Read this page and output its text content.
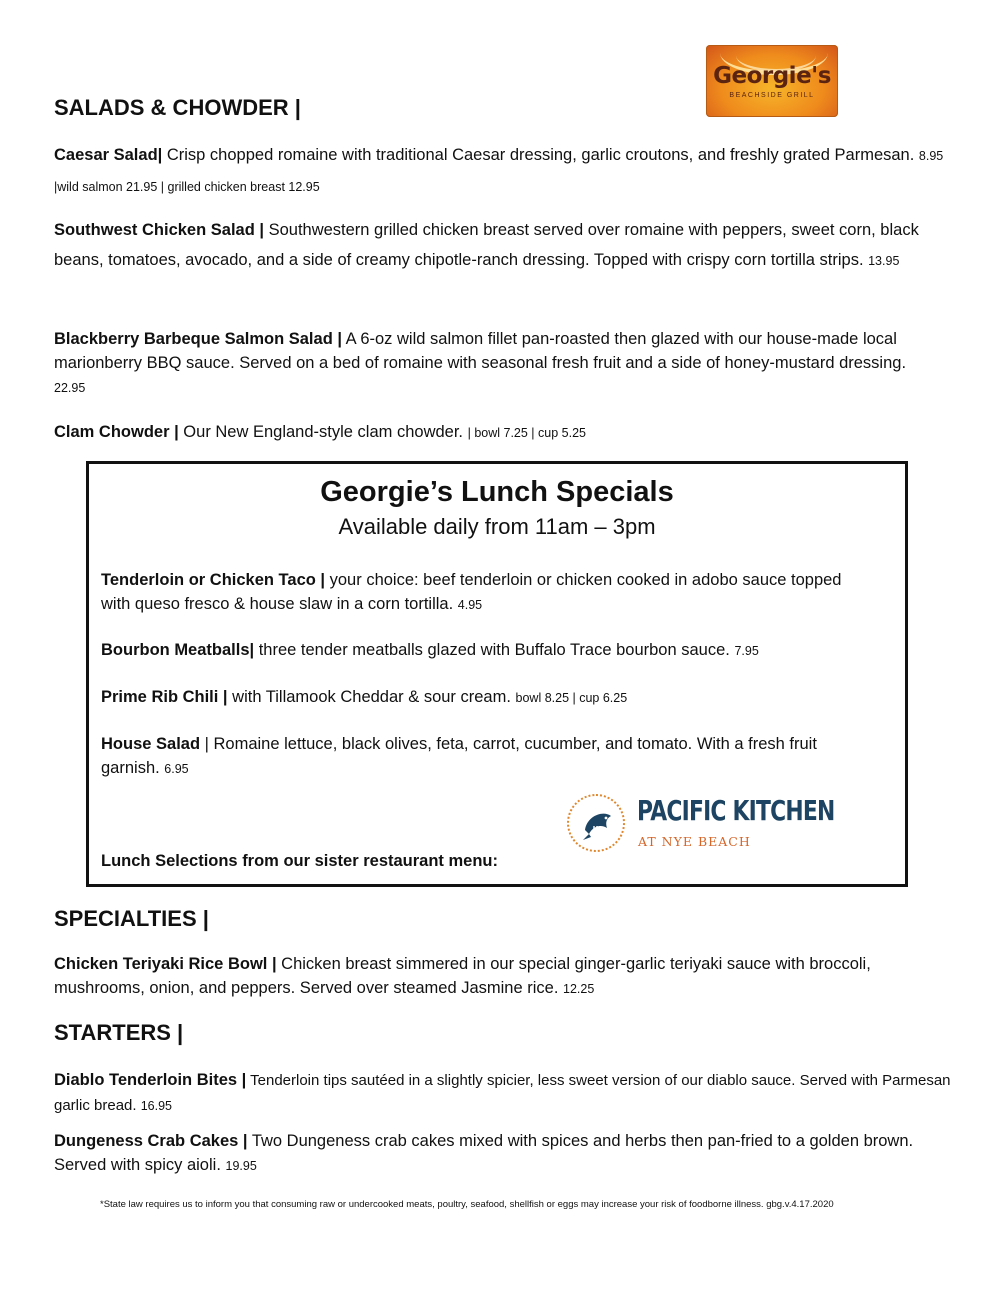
Georgie's
BEACHSIDE GRILL
SALADS & CHOWDER |
Caesar Salad| Crisp chopped romaine with traditional Caesar dressing, garlic croutons, and freshly grated Parmesan. 8.95 |wild salmon 21.95 | grilled chicken breast 12.95
Southwest Chicken Salad | Southwestern grilled chicken breast served over romaine with peppers, sweet corn, black beans, tomatoes, avocado, and a side of creamy chipotle-ranch dressing. Topped with crispy corn tortilla strips. 13.95
Blackberry Barbeque Salmon Salad | A 6-oz wild salmon fillet pan-roasted then glazed with our house-made local marionberry BBQ sauce. Served on a bed of romaine with seasonal fresh fruit and a side of honey-mustard dressing. 22.95
Clam Chowder | Our New England-style clam chowder. | bowl 7.25 | cup 5.25
Georgie’s Lunch Specials
Available daily from 11am – 3pm
Tenderloin or Chicken Taco | your choice: beef tenderloin or chicken cooked in adobo sauce topped with queso fresco & house slaw in a corn tortilla. 4.95
Bourbon Meatballs| three tender meatballs glazed with Buffalo Trace bourbon sauce. 7.95
Prime Rib Chili | with Tillamook Cheddar & sour cream. bowl 8.25 | cup 6.25
House Salad | Romaine lettuce, black olives, feta, carrot, cucumber, and tomato. With a fresh fruit garnish. 6.95
PACIFIC KITCHEN
AT NYE BEACH
Lunch Selections from our sister restaurant menu:
SPECIALTIES |
Chicken Teriyaki Rice Bowl | Chicken breast simmered in our special ginger-garlic teriyaki sauce with broccoli, mushrooms, onion, and peppers. Served over steamed Jasmine rice. 12.25
STARTERS |
Diablo Tenderloin Bites | Tenderloin tips sautéed in a slightly spicier, less sweet version of our diablo sauce. Served with Parmesan garlic bread. 16.95
Dungeness Crab Cakes | Two Dungeness crab cakes mixed with spices and herbs then pan-fried to a golden brown. Served with spicy aioli. 19.95
*State law requires us to inform you that consuming raw or undercooked meats, poultry, seafood, shellfish or eggs may increase your risk of foodborne illness. gbg.v.4.17.2020
